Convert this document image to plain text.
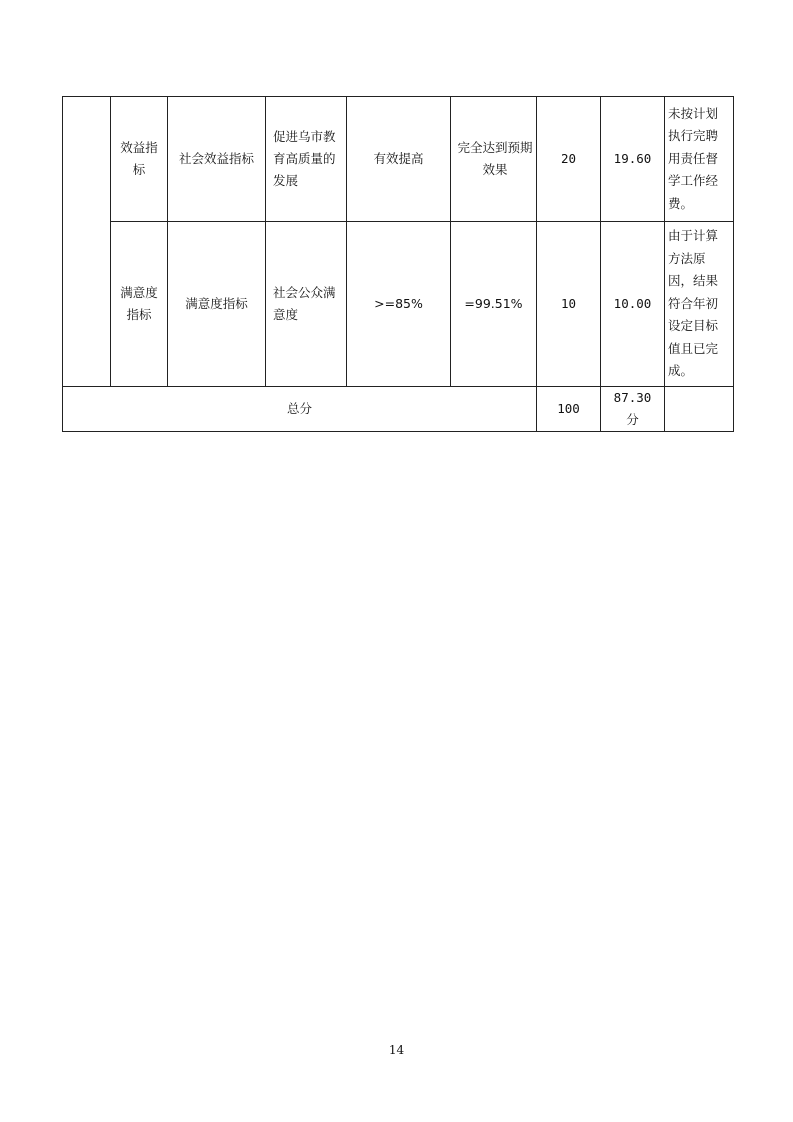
	效益指标	社会效益指标	促进乌市教育高质量的发展	有效提高	完全达到预期效果	20	19.60	未按计划执行完聘用责任督学工作经费。
	满意度指标	满意度指标	社会公众满意度	>=85%	=99.51%	10	10.00	由于计算方法原因，结果符合年初设定目标值且已完成。
总分						100	87.30 分	
14
